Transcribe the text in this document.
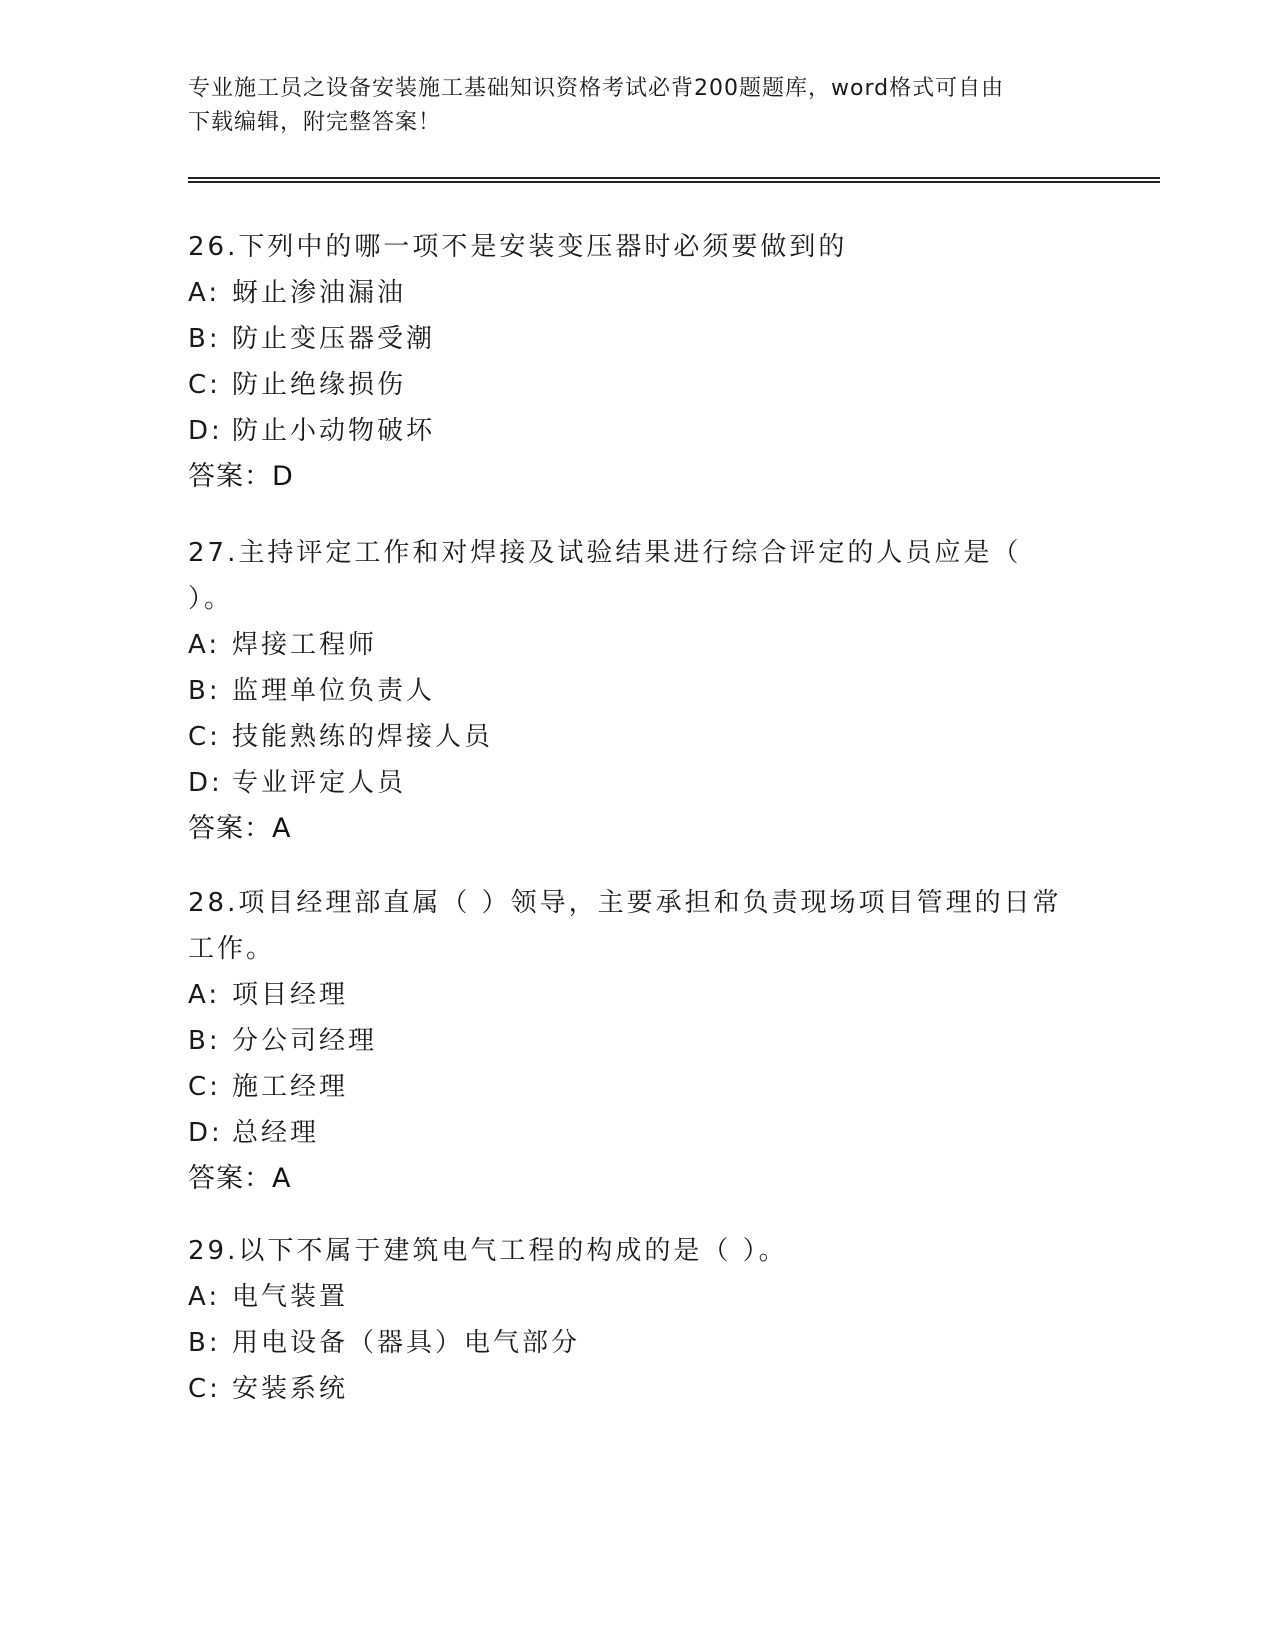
专业施工员之设备安装施工基础知识资格考试必背200题题库，word格式可自由
下载编辑，附完整答案！
26.下列中的哪一项不是安装变压器时必须要做到的
A: 蚜止渗油漏油
B: 防止变压器受潮
C: 防止绝缘损伤
D: 防止小动物破坏
答案：D
27.主持评定工作和对焊接及试验结果进行综合评定的人员应是（ ）。
A: 焊接工程师
B: 监理单位负责人
C: 技能熟练的焊接人员
D: 专业评定人员
答案：A
28.项目经理部直属（ ）领导，主要承担和负责现场项目管理的日常工作。
A: 项目经理
B: 分公司经理
C: 施工经理
D: 总经理
答案：A
29.以下不属于建筑电气工程的构成的是（ ）。
A: 电气装置
B: 用电设备（器具）电气部分
C: 安装系统
